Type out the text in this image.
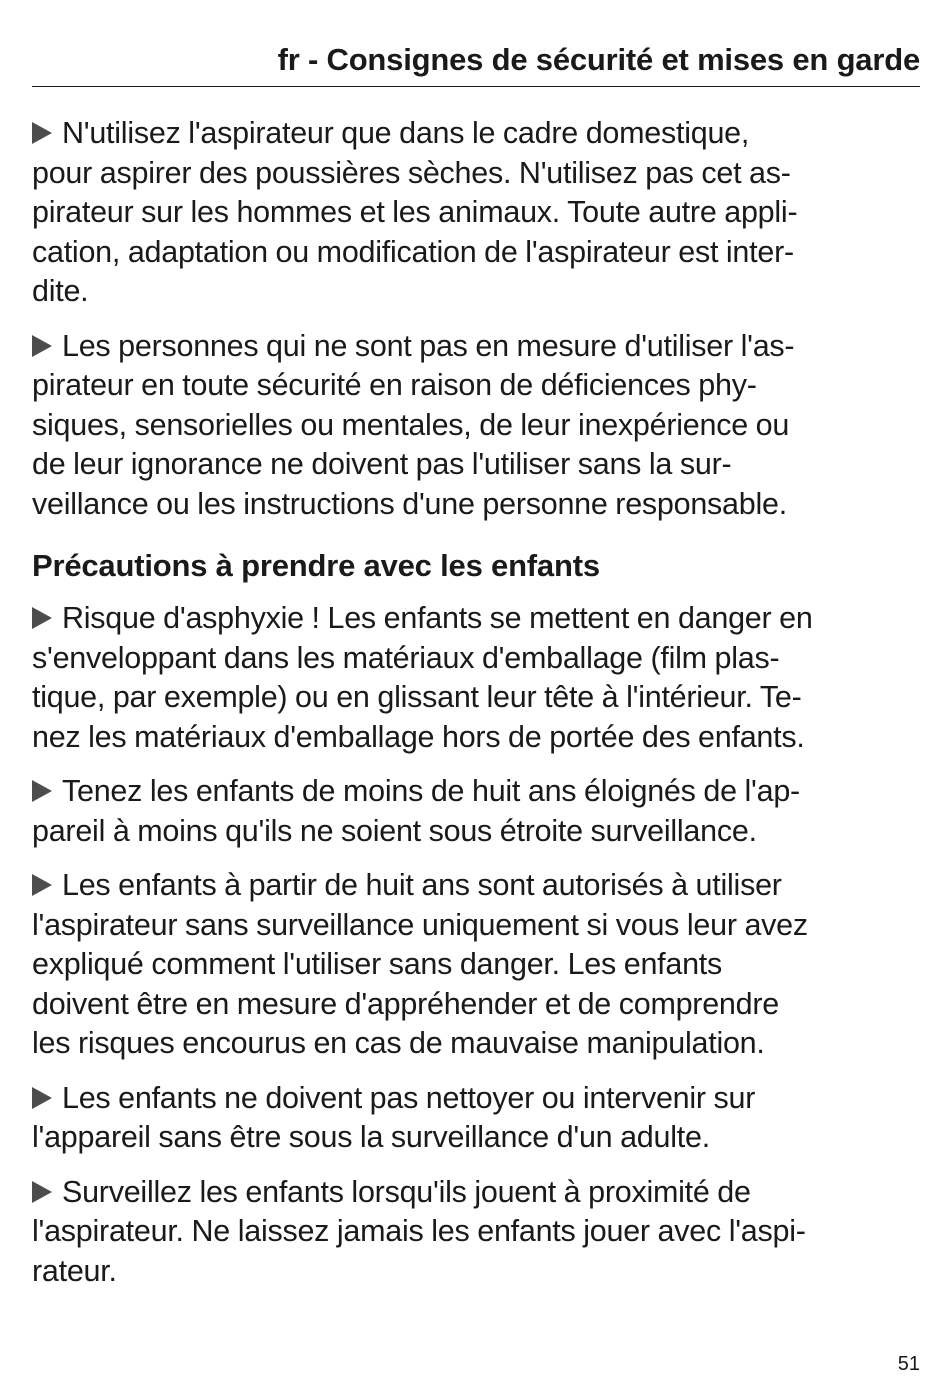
fr - Consignes de sécurité et mises en garde
N'utilisez l'aspirateur que dans le cadre domestique,
pour aspirer des poussières sèches. N'utilisez pas cet as-
pirateur sur les hommes et les animaux. Toute autre appli-
cation, adaptation ou modification de l'aspirateur est inter-
dite.
Les personnes qui ne sont pas en mesure d'utiliser l'as-
pirateur en toute sécurité en raison de déficiences phy-
siques, sensorielles ou mentales, de leur inexpérience ou
de leur ignorance ne doivent pas l'utiliser sans la sur-
veillance ou les instructions d'une personne responsable.
Précautions à prendre avec les enfants
Risque d'asphyxie ! Les enfants se mettent en danger en
s'enveloppant dans les matériaux d'emballage (film plas-
tique, par exemple) ou en glissant leur tête à l'intérieur. Te-
nez les matériaux d'emballage hors de portée des enfants.
Tenez les enfants de moins de huit ans éloignés de l'ap-
pareil à moins qu'ils ne soient sous étroite surveillance.
Les enfants à partir de huit ans sont autorisés à utiliser
l'aspirateur sans surveillance uniquement si vous leur avez
expliqué comment l'utiliser sans danger. Les enfants
doivent être en mesure d'appréhender et de comprendre
les risques encourus en cas de mauvaise manipulation.
Les enfants ne doivent pas nettoyer ou intervenir sur
l'appareil sans être sous la surveillance d'un adulte.
Surveillez les enfants lorsqu'ils jouent à proximité de
l'aspirateur. Ne laissez jamais les enfants jouer avec l'aspi-
rateur.
51
